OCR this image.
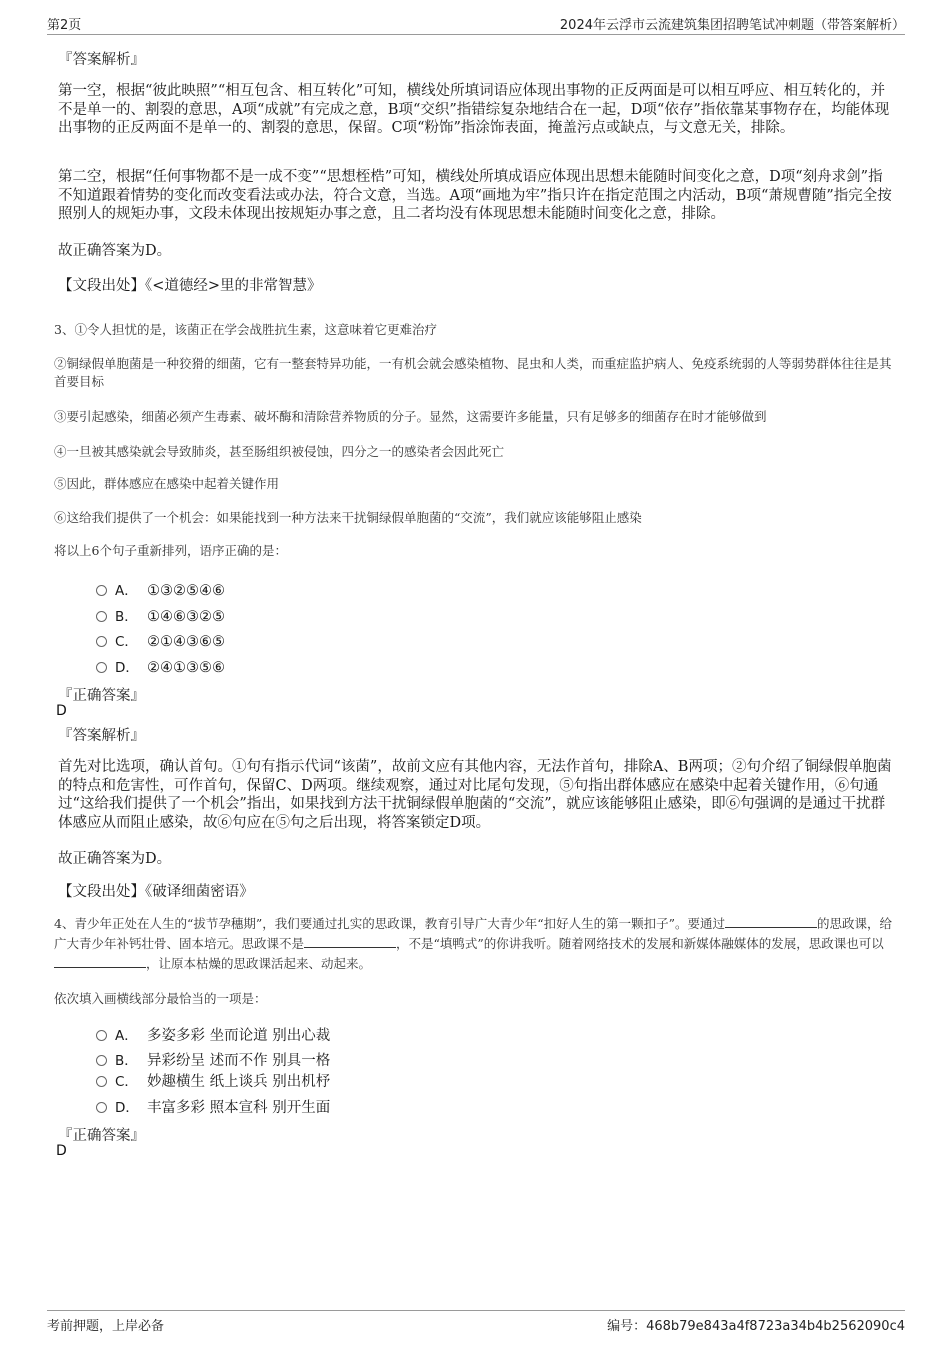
第2页	2024年云浮市云流建筑集团招聘笔试冲刺题（带答案解析）
『答案解析』

第一空，根据“彼此映照”“相互包含、相互转化”可知，横线处所填词语应体现出事物的正反两面是可以相互呼应、相互转化的，并不是单一的、割裂的意思，A项“成就”有完成之意，B项“交织”指错综复杂地结合在一起，D项“依存”指依靠某事物存在，均能体现出事物的正反两面不是单一的、割裂的意思，保留。C项“粉饰”指涂饰表面，掩盖污点或缺点，与文意无关，排除。

第二空，根据“任何事物都不是一成不变”“思想桎梏”可知，横线处所填成语应体现出思想未能随时间变化之意，D项“刻舟求剑”指不知道跟着情势的变化而改变看法或办法，符合文意，当选。A项“画地为牢”指只许在指定范围之内活动，B项“萧规曹随”指完全按照别人的规矩办事，文段未体现出按规矩办事之意，且二者均没有体现思想未能随时间变化之意，排除。

故正确答案为D。
【文段出处】《<道德经>里的非常智慧》

3、①令人担忧的是，该菌正在学会战胜抗生素，这意味着它更难治疗

②铜绿假单胞菌是一种狡猾的细菌，它有一整套特异功能，一有机会就会感染植物、昆虫和人类，而重症监护病人、免疫系统弱的人等弱势群体往往是其首要目标

③要引起感染，细菌必须产生毒素、破坏酶和清除营养物质的分子。显然，这需要许多能量，只有足够多的细菌存在时才能够做到

④一旦被其感染就会导致肺炎，甚至肠组织被侵蚀，四分之一的感染者会因此死亡

⑤因此，群体感应在感染中起着关键作用

⑥这给我们提供了一个机会：如果能找到一种方法来干扰铜绿假单胞菌的“交流”，我们就应该能够阻止感染

将以上6个句子重新排列，语序正确的是：

A． ①③②⑤④⑥
B． ①④⑥③②⑤
C． ②①④③⑥⑤
D． ②④①③⑤⑥
『正确答案』
D
『答案解析』

首先对比选项，确认首句。①句有指示代词“该菌”，故前文应有其他内容，无法作首句，排除A、B两项；②句介绍了铜绿假单胞菌的特点和危害性，可作首句，保留C、D两项。继续观察，通过对比尾句发现，⑤句指出群体感应在感染中起着关键作用，⑥句通过“这给我们提供了一个机会”指出，如果找到方法干扰铜绿假单胞菌的“交流”，就应该能够阻止感染，即⑥句强调的是通过干扰群体感应从而阻止感染，故⑥句应在⑤句之后出现，将答案锁定D项。

故正确答案为D。
【文段出处】《破译细菌密语》

4、青少年正处在人生的“拔节孕穗期”，我们要通过扎实的思政课，教育引导广大青少年“扣好人生的第一颗扣子”。要通过	的思政课，给广大青少年补钙壮骨、固本培元。思政课不是	，不是“填鸭式”的你讲我听。随着网络技术的发展和新媒体融媒体的发展，思政课也可以，让原本枯燥的思政课活起来、动起来。

依次填入画横线部分最恰当的一项是：

A． 多姿多彩 坐而论道 别出心裁
B． 异彩纷呈 述而不作 别具一格
C． 妙趣横生 纸上谈兵 别出机杼
D． 丰富多彩 照本宣科 别开生面
『正确答案』
D
考前押题，上岸必备	编号：468b79e843a4f8723a34b4b2562090c4
